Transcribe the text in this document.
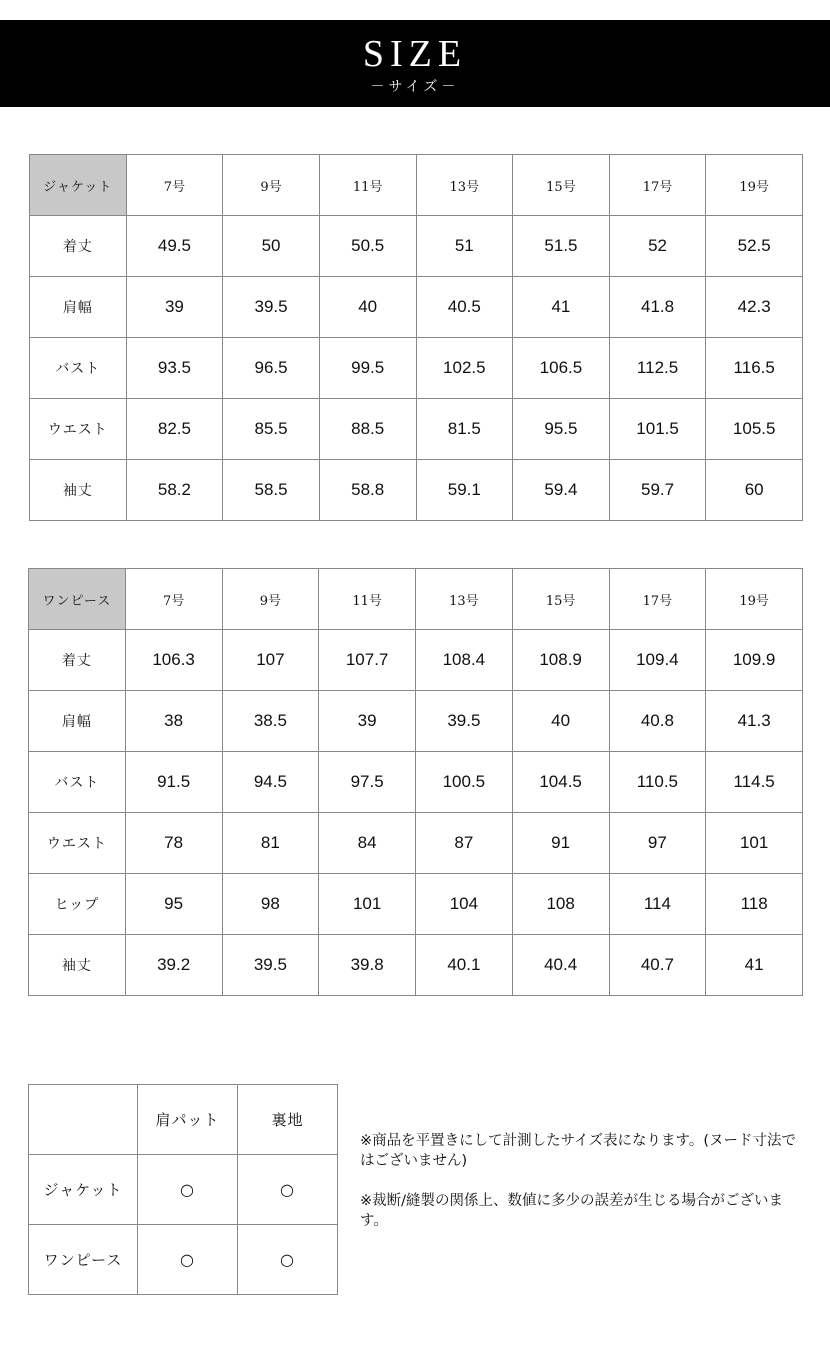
SIZE
－サイズ－
ジャケット	7号	9号	11号	13号	15号	17号	19号
着丈	49.5	50	50.5	51	51.5	52	52.5
肩幅	39	39.5	40	40.5	41	41.8	42.3
バスト	93.5	96.5	99.5	102.5	106.5	112.5	116.5
ウエスト	82.5	85.5	88.5	81.5	95.5	101.5	105.5
袖丈	58.2	58.5	58.8	59.1	59.4	59.7	60
ワンピース	7号	9号	11号	13号	15号	17号	19号
着丈	106.3	107	107.7	108.4	108.9	109.4	109.9
肩幅	38	38.5	39	39.5	40	40.8	41.3
バスト	91.5	94.5	97.5	100.5	104.5	110.5	114.5
ウエスト	78	81	84	87	91	97	101
ヒップ	95	98	101	104	108	114	118
袖丈	39.2	39.5	39.8	40.1	40.4	40.7	41
	肩パット	裏地
ジャケット	○	○
ワンピース	○	○

※商品を平置きにして計測したサイズ表になります。(ヌード寸法ではございません)

※裁断/縫製の関係上、数値に多少の誤差が生じる場合がございます。
